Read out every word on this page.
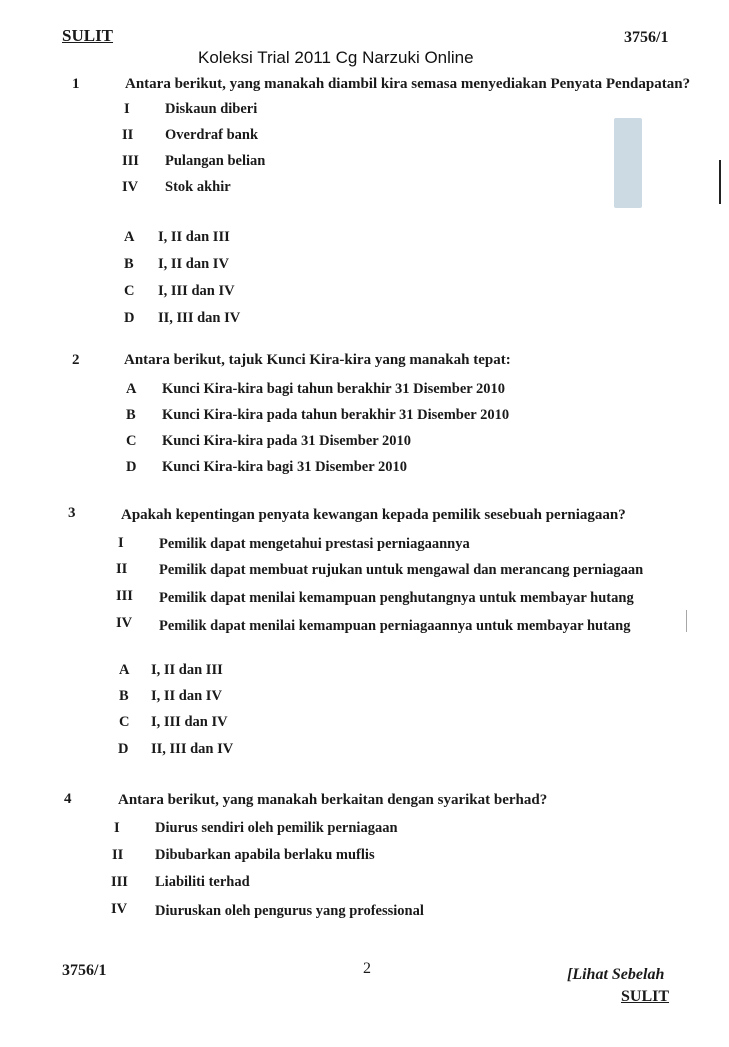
SULIT	3756/1
Koleksi Trial 2011 Cg Narzuki Online
1	Antara berikut, yang manakah diambil kira semasa menyediakan Penyata Pendapatan?
I Diskaun diberi
II Overdraf bank
III Pulangan belian
IV Stok akhir
A I, II dan III
B I, II dan IV
C I, III dan IV
D II, III dan IV
2	Antara berikut, tajuk Kunci Kira-kira yang manakah tepat:
A Kunci Kira-kira bagi tahun berakhir 31 Disember 2010
B Kunci Kira-kira pada tahun berakhir 31 Disember 2010
C Kunci Kira-kira pada 31 Disember 2010
D Kunci Kira-kira bagi 31 Disember 2010
3	Apakah kepentingan penyata kewangan kepada pemilik sesebuah perniagaan?
I Pemilik dapat mengetahui prestasi perniagaannya
II Pemilik dapat membuat rujukan untuk mengawal dan merancang perniagaan
III Pemilik dapat menilai kemampuan penghutangnya untuk membayar hutang
IV Pemilik dapat menilai kemampuan perniagaannya untuk membayar hutang
A I, II dan III
B I, II dan IV
C I, III dan IV
D II, III dan IV
4	Antara berikut, yang manakah berkaitan dengan syarikat berhad?
I Diurus sendiri oleh pemilik perniagaan
II Dibubarkan apabila berlaku muflis
III Liabiliti terhad
IV Diuruskan oleh pengurus yang professional
3756/1	2	[Lihat Sebelah
SULIT
